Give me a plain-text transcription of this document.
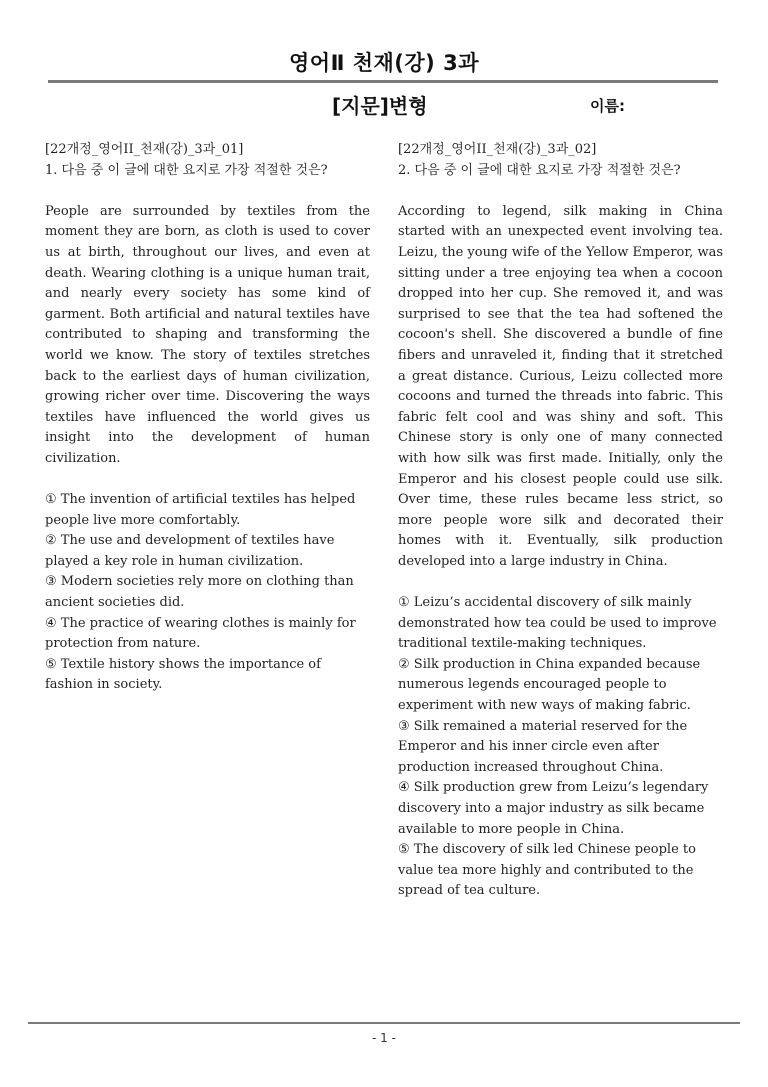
영어Ⅱ 천재(강) 3과
[지문]변형	이름:
[22개정_영어II_천재(강)_3과_01]
1. 다음 중 이 글에 대한 요지로 가장 적절한 것은?

People are surrounded by textiles from the moment they are born, as cloth is used to cover us at birth, throughout our lives, and even at death. Wearing clothing is a unique human trait, and nearly every society has some kind of garment. Both artificial and natural textiles have contributed to shaping and transforming the world we know. The story of textiles stretches back to the earliest days of human civilization, growing richer over time. Discovering the ways textiles have influenced the world gives us insight into the development of human civilization.

① The invention of artificial textiles has helped people live more comfortably.

② The use and development of textiles have played a key role in human civilization.

③ Modern societies rely more on clothing than ancient societies did.

④ The practice of wearing clothes is mainly for protection from nature.

⑤ Textile history shows the importance of fashion in society.

[22개정_영어II_천재(강)_3과_02]
2. 다음 중 이 글에 대한 요지로 가장 적절한 것은?

According to legend, silk making in China started with an unexpected event involving tea. Leizu, the young wife of the Yellow Emperor, was sitting under a tree enjoying tea when a cocoon dropped into her cup. She removed it, and was surprised to see that the tea had softened the cocoon's shell. She discovered a bundle of fine fibers and unraveled it, finding that it stretched a great distance. Curious, Leizu collected more cocoons and turned the threads into fabric. This fabric felt cool and was shiny and soft. This Chinese story is only one of many connected with how silk was first made. Initially, only the Emperor and his closest people could use silk. Over time, these rules became less strict, so more people wore silk and decorated their homes with it. Eventually, silk production developed into a large industry in China.

① Leizu’s accidental discovery of silk mainly demonstrated how tea could be used to improve traditional textile-making techniques.

② Silk production in China expanded because numerous legends encouraged people to experiment with new ways of making fabric.

③ Silk remained a material reserved for the Emperor and his inner circle even after production increased throughout China.

④ Silk production grew from Leizu’s legendary discovery into a major industry as silk became available to more people in China.

⑤ The discovery of silk led Chinese people to value tea more highly and contributed to the spread of tea culture.

- 1 -
